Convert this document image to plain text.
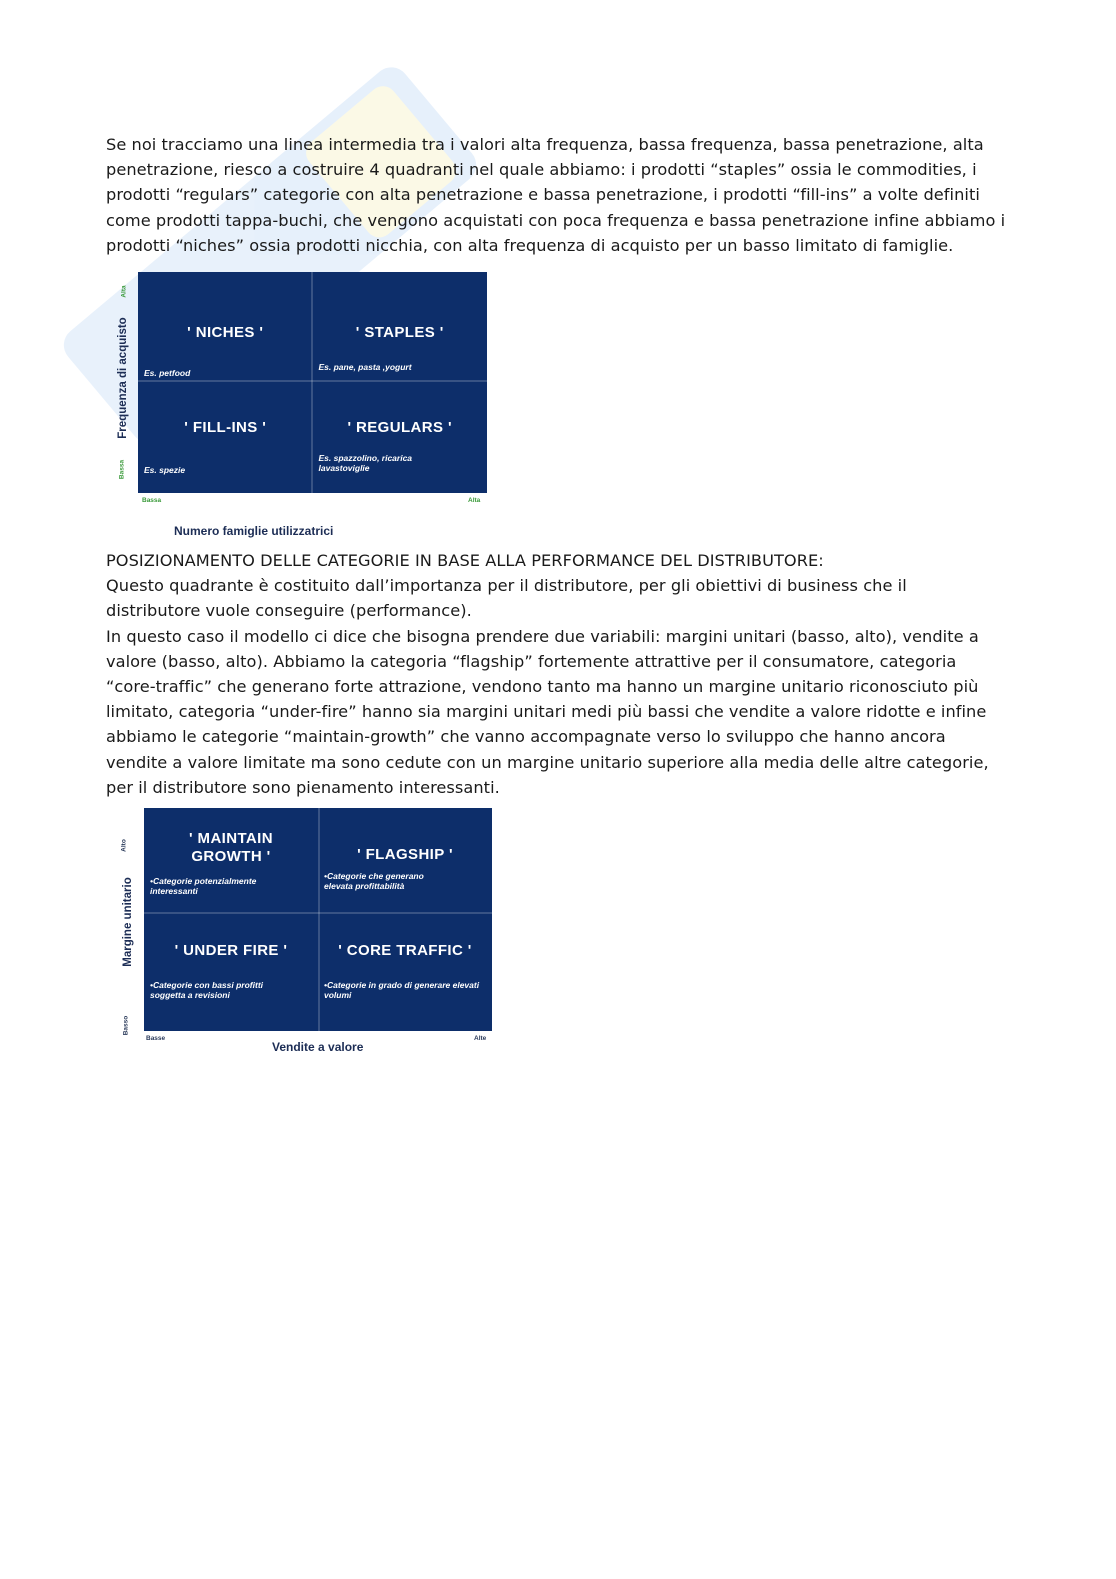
Se noi tracciamo una linea intermedia tra i valori alta frequenza, bassa frequenza, bassa penetrazione, alta penetrazione, riesco a costruire 4 quadranti nel quale abbiamo: i prodotti “staples” ossia le commodities, i prodotti “regulars” categorie con alta penetrazione e bassa penetrazione, i prodotti “fill-ins” a volte definiti come prodotti tappa-buchi, che vengono acquistati con poca frequenza e bassa penetrazione infine abbiamo i prodotti “niches” ossia prodotti nicchia, con alta frequenza di acquisto per un basso limitato di famiglie.

Frequenza di acquisto
Alta
Bassa
' NICHES '
Es. petfood
' STAPLES '
Es. pane, pasta ,yogurt
' FILL-INS '
Es. spezie
' REGULARS '
Es. spazzolino, ricarica lavastoviglie
Bassa	Alta
Numero famiglie utilizzatrici
POSIZIONAMENTO DELLE CATEGORIE IN BASE ALLA PERFORMANCE DEL DISTRIBUTORE:
Questo quadrante è costituito dall’importanza per il distributore, per gli obiettivi di business che il distributore vuole conseguire (performance).
In questo caso il modello ci dice che bisogna prendere due variabili: margini unitari (basso, alto), vendite a valore (basso, alto). Abbiamo la categoria “flagship” fortemente attrattive per il consumatore, categoria “core-traffic” che generano forte attrazione, vendono tanto ma hanno un margine unitario riconosciuto più limitato, categoria “under-fire” hanno sia margini unitari medi più bassi che vendite a valore ridotte e infine abbiamo le categorie “maintain-growth” che vanno accompagnate verso lo sviluppo che hanno ancora vendite a valore limitate ma sono cedute con un margine unitario superiore alla media delle altre categorie, per il distributore sono pienamento interessanti.
Margine unitario
Alto
Basso
' MAINTAIN
GROWTH '
•Categorie potenzialmente interessanti
' FLAGSHIP '
•Categorie che generano elevata profittabilità
' UNDER FIRE '
•Categorie con bassi profitti soggetta a revisioni
' CORE TRAFFIC '
•Categorie in grado di generare elevati volumi
Basse	Alte
Vendite a valore
